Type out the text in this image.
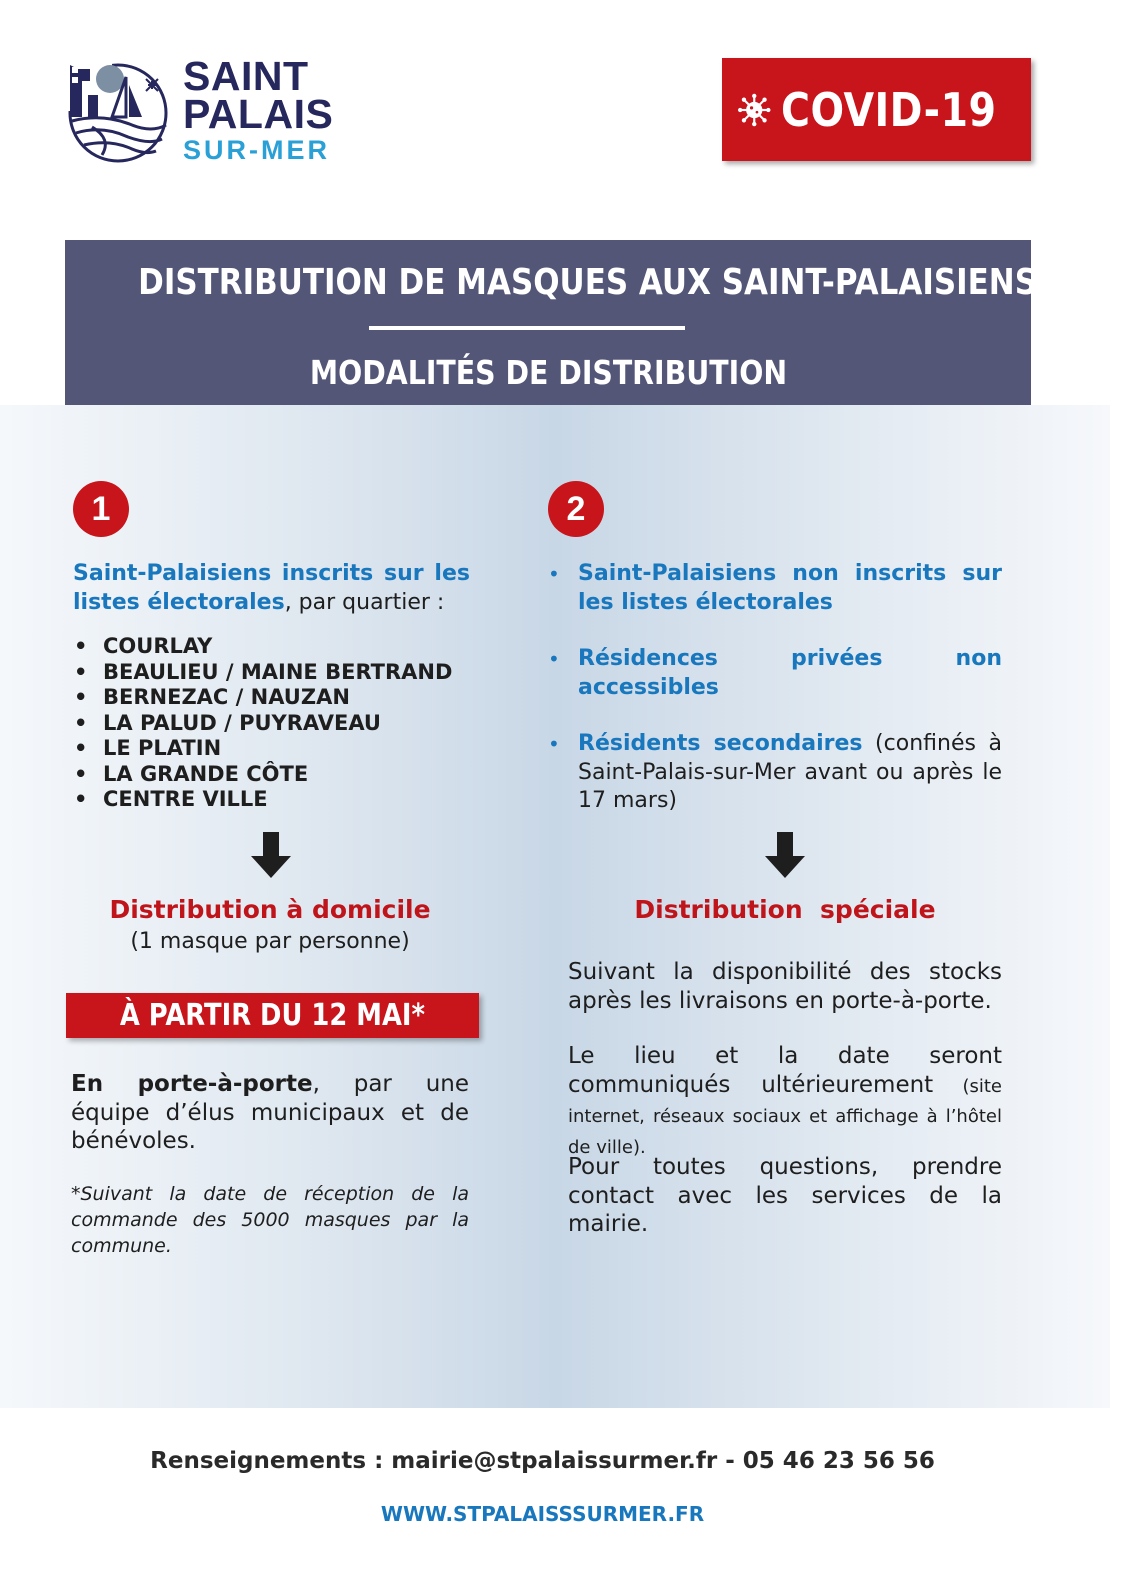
SAINT
PALAIS
SUR-MER
COVID-19
DISTRIBUTION DE MASQUES AUX SAINT-PALAISIENS
MODALITÉS DE DISTRIBUTION
1
Saint-Palaisiens inscrits sur les listes électorales, par quartier :
• COURLAY
• BEAULIEU / MAINE BERTRAND
• BERNEZAC / NAUZAN
• LA PALUD / PUYRAVEAU
• LE PLATIN
• LA GRANDE CÔTE
• CENTRE VILLE
Distribution à domicile
(1 masque par personne)
À PARTIR DU 12 MAI*
En porte-à-porte, par une équipe d’élus municipaux et de bénévoles.
*Suivant la date de réception de la commande des 5000 masques par la commune.
2
• Saint-Palaisiens non inscrits sur les listes électorales
• Résidences privées non accessibles
• Résidents secondaires (confinés à Saint-Palais-sur-Mer avant ou après le 17 mars)
Distribution  spéciale
Suivant la disponibilité des stocks après les livraisons en porte-à-porte.
Le lieu et la date seront communiqués ultérieurement (site internet, réseaux sociaux et affichage à l’hôtel de ville).
Pour toutes questions, prendre contact avec les services de la mairie.
Renseignements : mairie@stpalaissurmer.fr - 05 46 23 56 56
WWW.STPALAISSSURMER.FR
